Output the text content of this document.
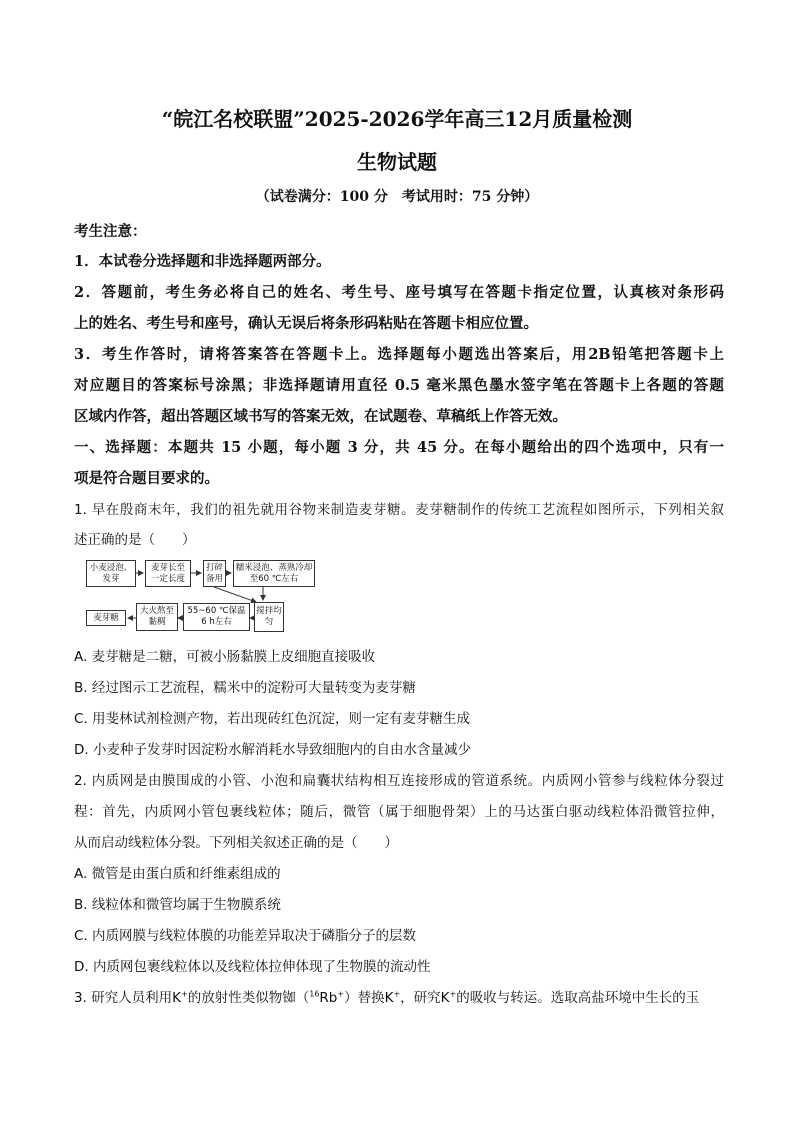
“皖江名校联盟”2025-2026学年高三12月质量检测
生物试题
（试卷满分：100 分　考试用时：75 分钟）
考生注意：
1．本试卷分选择题和非选择题两部分。
2．答题前，考生务必将自己的姓名、考生号、座号填写在答题卡指定位置，认真核对条形码
上的姓名、考生号和座号，确认无误后将条形码粘贴在答题卡相应位置。
3．考生作答时，请将答案答在答题卡上。选择题每小题选出答案后，用2B铅笔把答题卡上
对应题目的答案标号涂黑；非选择题请用直径 0.5 毫米黑色墨水签字笔在答题卡上各题的答题
区域内作答，超出答题区域书写的答案无效，在试题卷、草稿纸上作答无效。
一、选择题：本题共 15 小题，每小题 3 分，共 45 分。在每小题给出的四个选项中，只有一
项是符合题目要求的。
1. 早在殷商末年，我们的祖先就用谷物来制造麦芽糖。麦芽糖制作的传统工艺流程如图所示，下列相关叙
述正确的是（　　）
小麦浸泡、发芽
麦芽长至一定长度
打碎备用
糯米浸泡、蒸熟冷却至60 ℃左右
搅拌均匀
55~60 ℃保温6 h左右
大火熬至黏稠
麦芽糖
A. 麦芽糖是二糖，可被小肠黏膜上皮细胞直接吸收
B. 经过图示工艺流程，糯米中的淀粉可大量转变为麦芽糖
C. 用斐林试剂检测产物，若出现砖红色沉淀，则一定有麦芽糖生成
D. 小麦种子发芽时因淀粉水解消耗水导致细胞内的自由水含量减少
2. 内质网是由膜围成的小管、小泡和扁囊状结构相互连接形成的管道系统。内质网小管参与线粒体分裂过
程：首先，内质网小管包裹线粒体；随后，微管（属于细胞骨架）上的马达蛋白驱动线粒体沿微管拉伸，
从而启动线粒体分裂。下列相关叙述正确的是（　　）
A. 微管是由蛋白质和纤维素组成的
B. 线粒体和微管均属于生物膜系统
C. 内质网膜与线粒体膜的功能差异取决于磷脂分子的层数
D. 内质网包裹线粒体以及线粒体拉伸体现了生物膜的流动性
3. 研究人员利用K+的放射性类似物铷（$^{16}$Rb+）替换K+，研究K+的吸收与转运。选取高盐环境中生长的玉
